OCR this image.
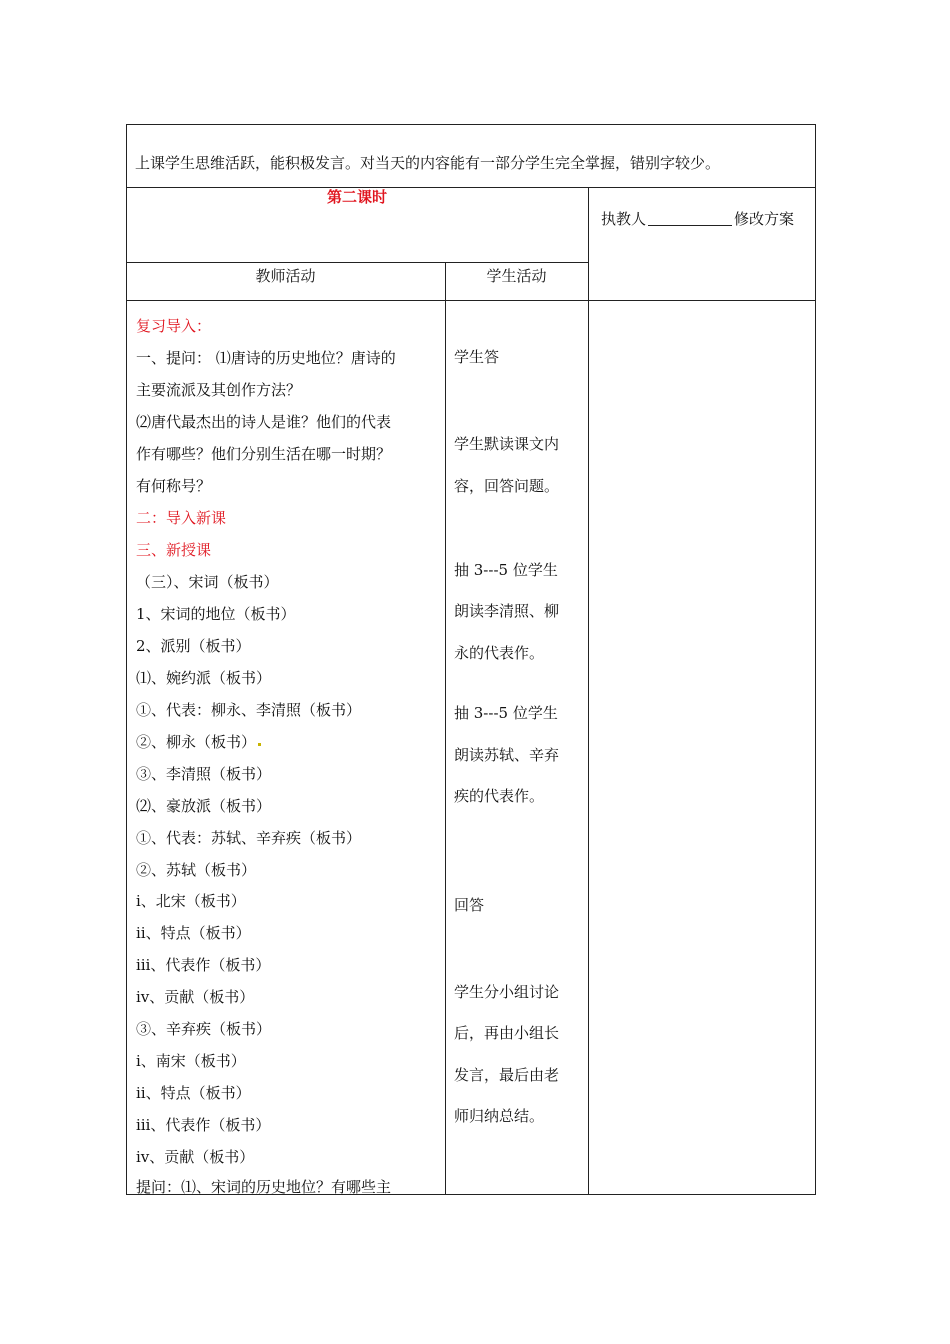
上课学生思维活跃，能积极发言。对当天的内容能有一部分学生完全掌握，错别字较少。
第二课时
执教人	修改方案
教师活动	学生活动
复习导入：
一、提问： ⑴唐诗的历史地位？唐诗的
主要流派及其创作方法？
⑵唐代最杰出的诗人是谁？他们的代表
作有哪些？他们分别生活在哪一时期？
有何称号？
二：导入新课
三、新授课
（三）、宋词（板书）
1、宋词的地位（板书）
2、派别（板书）
⑴、婉约派（板书）
①、代表：柳永、李清照（板书）
②、柳永（板书）
③、李清照（板书）
⑵、豪放派（板书）
①、代表：苏轼、辛弃疾（板书）
②、苏轼（板书）
ⅰ、北宋（板书）
ⅱ、特点（板书）
ⅲ、代表作（板书）
ⅳ、贡献（板书）
③、辛弃疾（板书）
ⅰ、南宋（板书）
ⅱ、特点（板书）
ⅲ、代表作（板书）
ⅳ、贡献（板书）
提问：⑴、宋词的历史地位？有哪些主
学生答
学生默读课文内
容，回答问题。
抽 3---5 位学生
朗读李清照、柳
永的代表作。
抽 3---5 位学生
朗读苏轼、辛弃
疾的代表作。
回答
学生分小组讨论
后，再由小组长
发言，最后由老
师归纳总结。
